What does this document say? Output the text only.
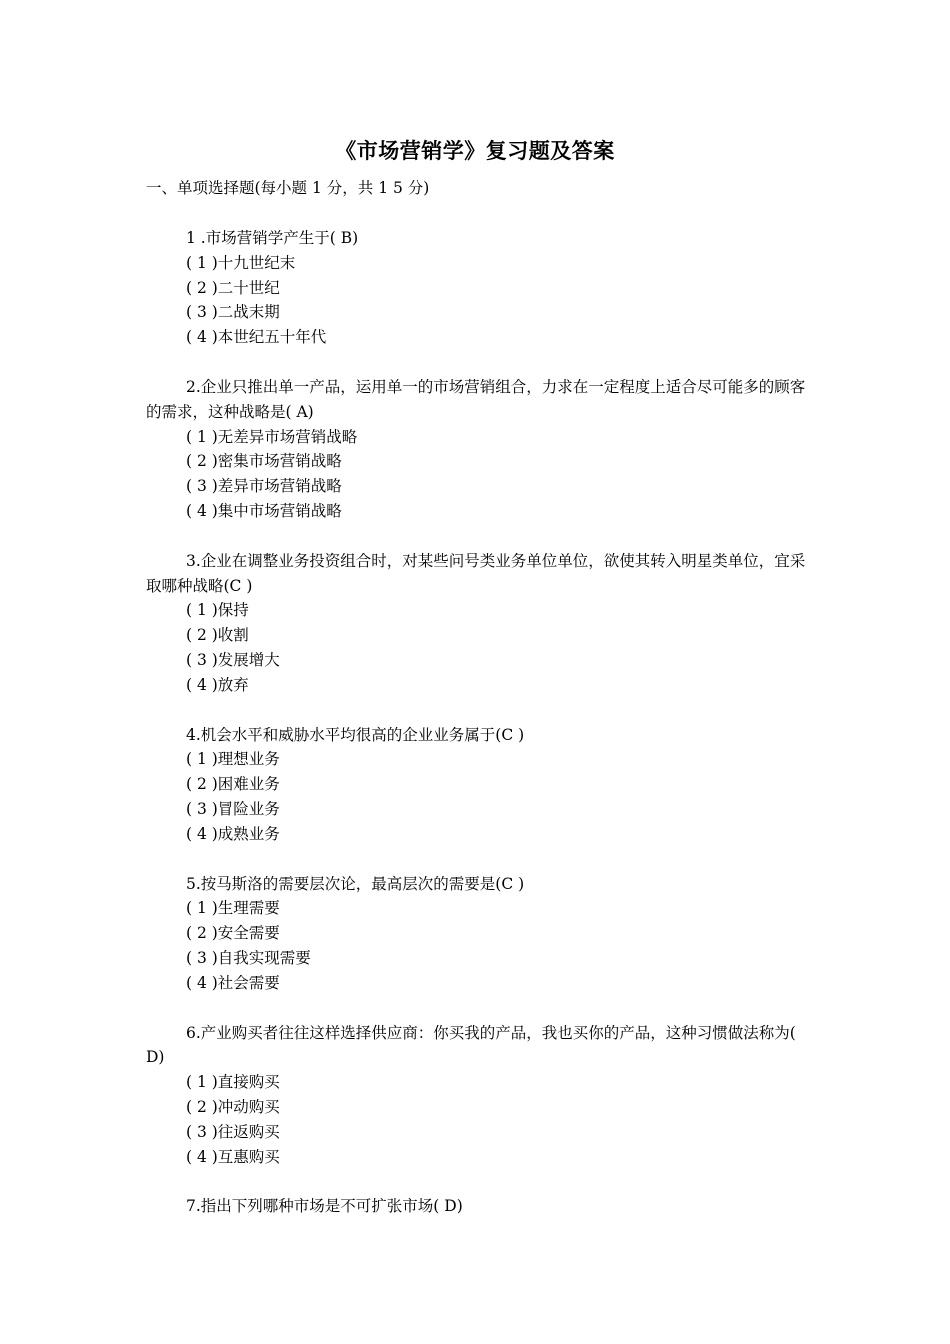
《市场营销学》复习题及答案
一、单项选择题(每小题 1 分，共 1 5 分)
1 .市场营销学产生于( B)
( 1 )十九世纪末
( 2 )二十世纪
( 3 )二战末期
( 4 )本世纪五十年代
2.企业只推出单一产品，运用单一的市场营销组合，力求在一定程度上适合尽可能多的顾客的需求，这种战略是( A)
( 1 )无差异市场营销战略
( 2 )密集市场营销战略
( 3 )差异市场营销战略
( 4 )集中市场营销战略
3.企业在调整业务投资组合时，对某些问号类业务单位单位，欲使其转入明星类单位，宜采取哪种战略(C )
( 1 )保持
( 2 )收割
( 3 )发展增大
( 4 )放弃
4.机会水平和威胁水平均很高的企业业务属于(C )
( 1 )理想业务
( 2 )困难业务
( 3 )冒险业务
( 4 )成熟业务
5.按马斯洛的需要层次论，最高层次的需要是(C )
( 1 )生理需要
( 2 )安全需要
( 3 )自我实现需要
( 4 )社会需要
6.产业购买者往往这样选择供应商：你买我的产品，我也买你的产品，这种习惯做法称为( D)
( 1 )直接购买
( 2 )冲动购买
( 3 )往返购买
( 4 )互惠购买
7.指出下列哪种市场是不可扩张市场( D)
